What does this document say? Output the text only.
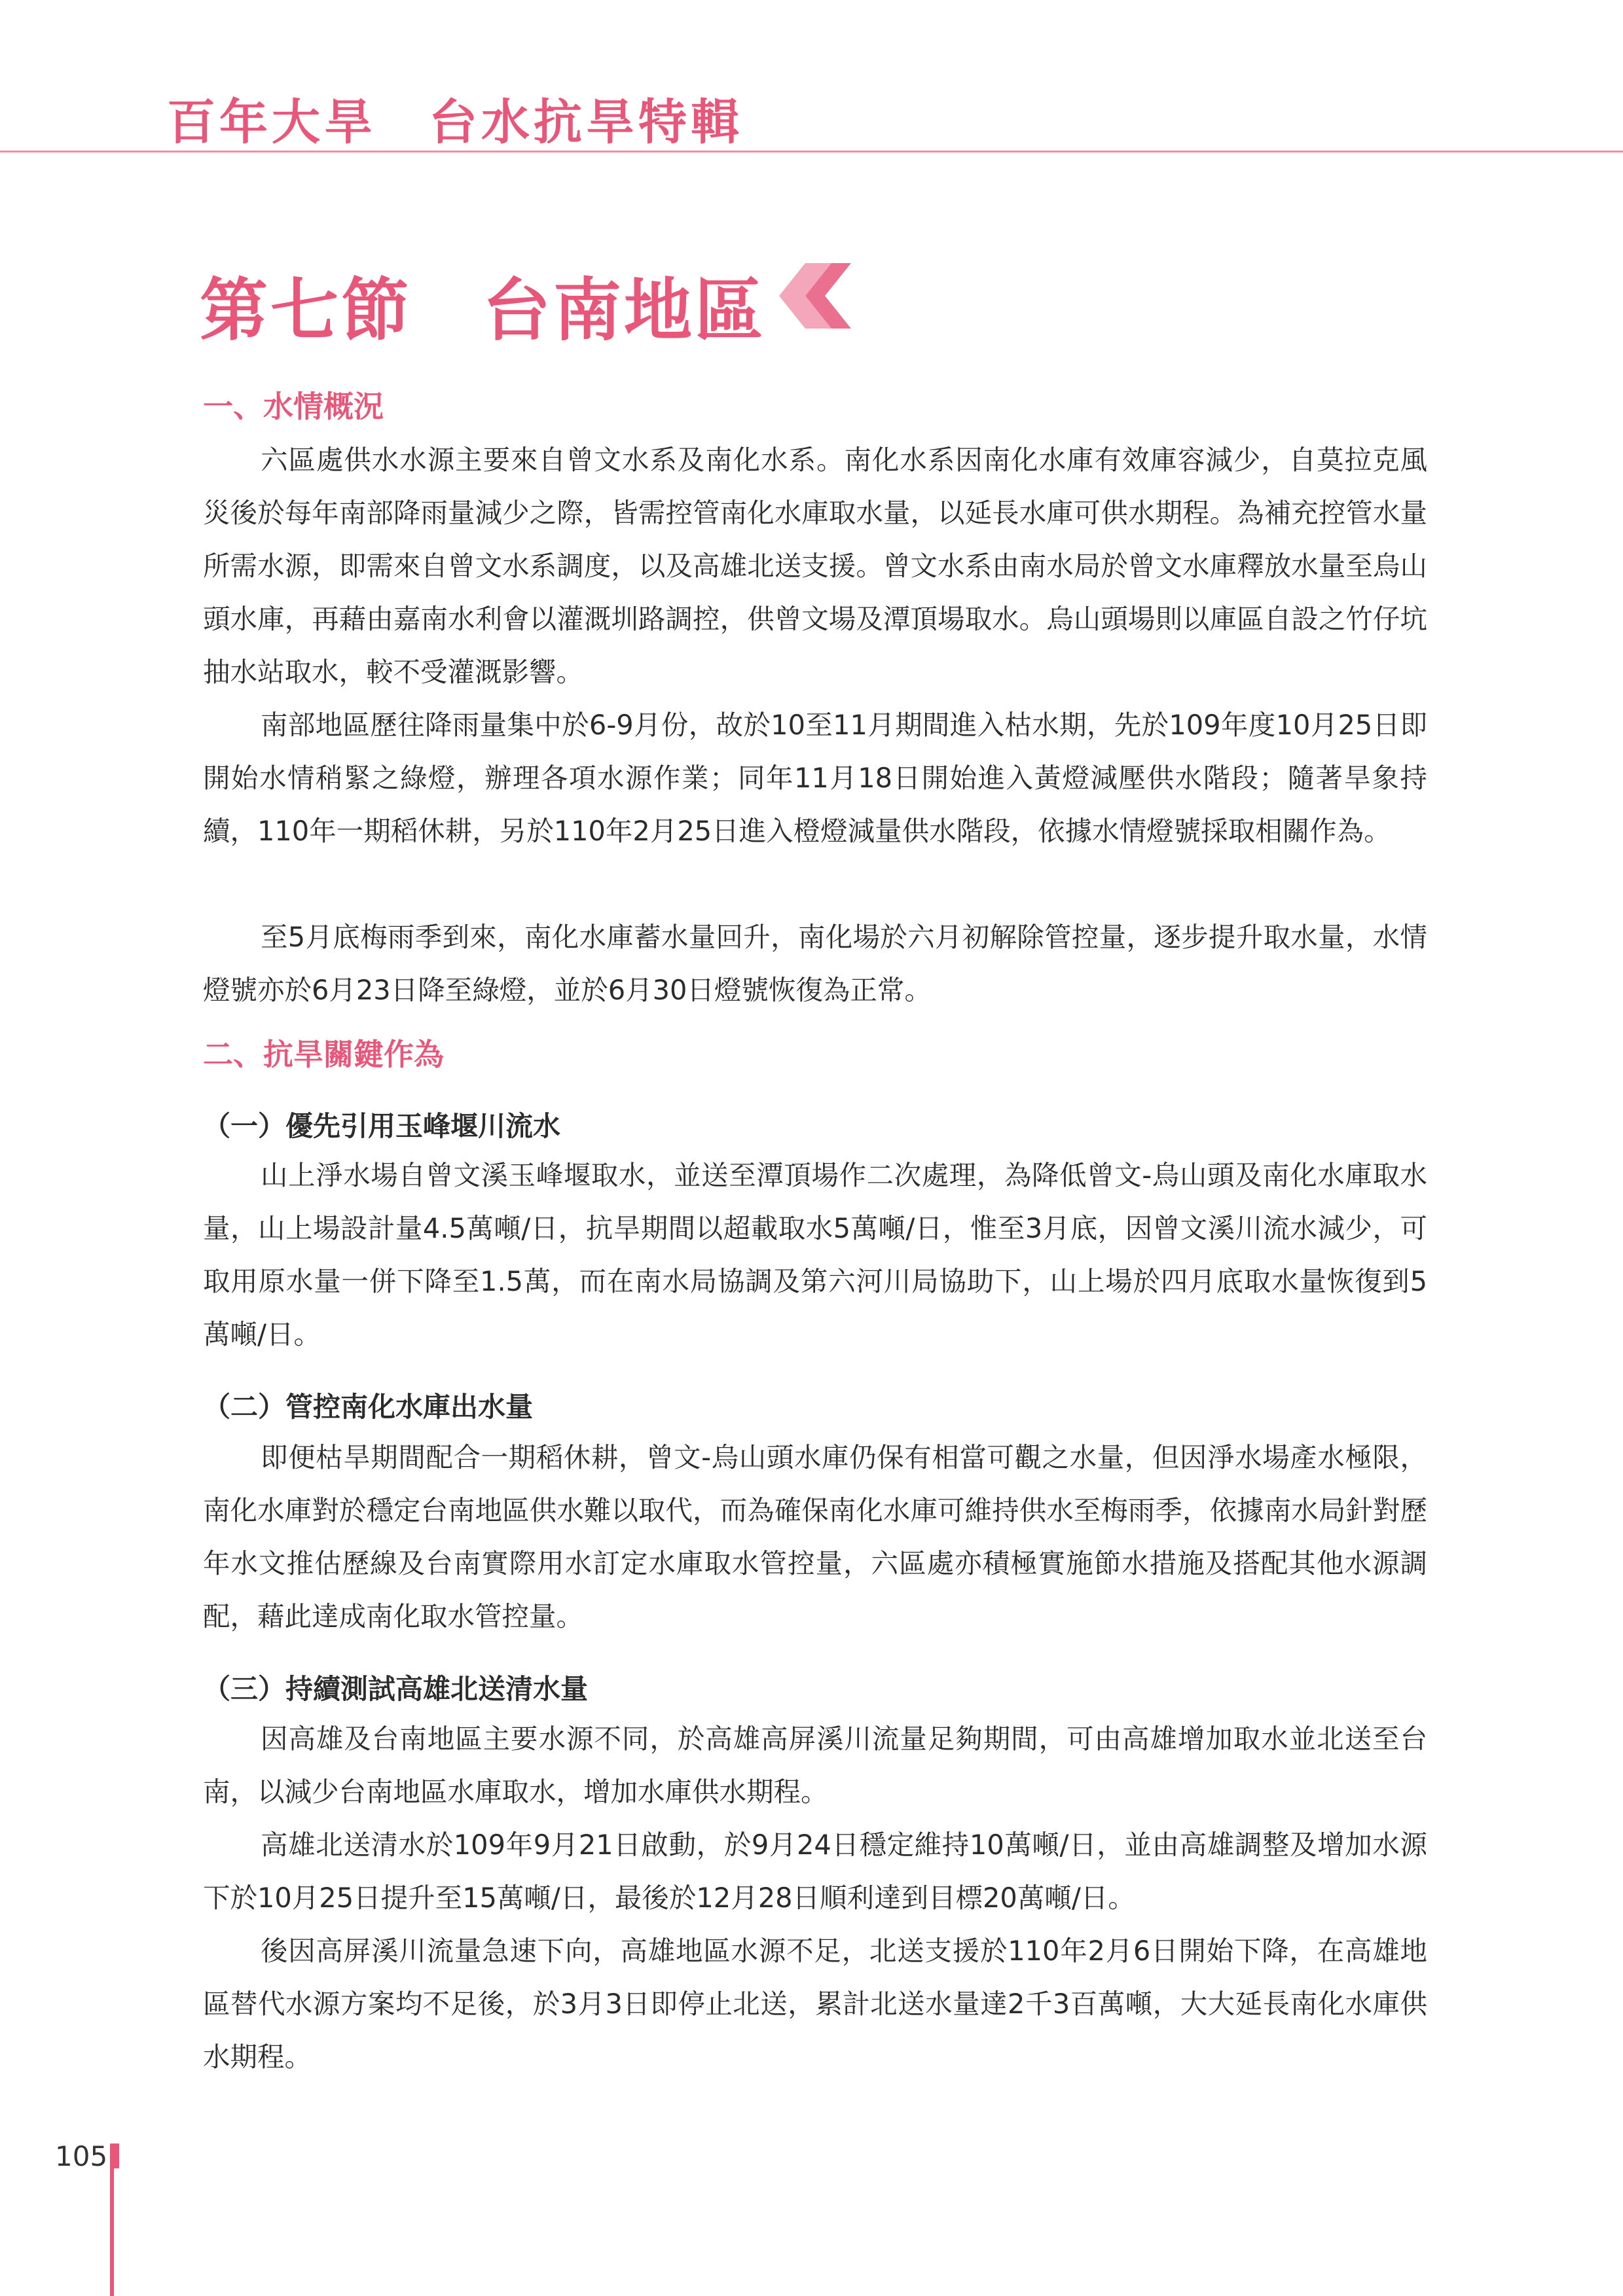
百年大旱　台水抗旱特輯
第七節　台南地區
一、水情概況

六區處供水水源主要來自曾文水系及南化水系。南化水系因南化水庫有效庫容減少，自莫拉克風災後於每年南部降雨量減少之際，皆需控管南化水庫取水量，以延長水庫可供水期程。為補充控管水量所需水源，即需來自曾文水系調度，以及高雄北送支援。曾文水系由南水局於曾文水庫釋放水量至烏山頭水庫，再藉由嘉南水利會以灌溉圳路調控，供曾文場及潭頂場取水。烏山頭場則以庫區自設之竹仔坑抽水站取水，較不受灌溉影響。

南部地區歷往降雨量集中於6-9月份，故於10至11月期間進入枯水期，先於109年度10月25日即開始水情稍緊之綠燈，辦理各項水源作業；同年11月18日開始進入黃燈減壓供水階段；隨著旱象持續，110年一期稻休耕，另於110年2月25日進入橙燈減量供水階段，依據水情燈號採取相關作為。

至5月底梅雨季到來，南化水庫蓄水量回升，南化場於六月初解除管控量，逐步提升取水量，水情燈號亦於6月23日降至綠燈，並於6月30日燈號恢復為正常。

二、抗旱關鍵作為
（一）優先引用玉峰堰川流水

山上淨水場自曾文溪玉峰堰取水，並送至潭頂場作二次處理，為降低曾文-烏山頭及南化水庫取水量，山上場設計量4.5萬噸/日，抗旱期間以超載取水5萬噸/日，惟至3月底，因曾文溪川流水減少，可取用原水量一併下降至1.5萬，而在南水局協調及第六河川局協助下，山上場於四月底取水量恢復到5萬噸/日。

（二）管控南化水庫出水量

即便枯旱期間配合一期稻休耕，曾文-烏山頭水庫仍保有相當可觀之水量，但因淨水場產水極限，南化水庫對於穩定台南地區供水難以取代，而為確保南化水庫可維持供水至梅雨季，依據南水局針對歷年水文推估歷線及台南實際用水訂定水庫取水管控量，六區處亦積極實施節水措施及搭配其他水源調配，藉此達成南化取水管控量。

（三）持續測試高雄北送清水量

因高雄及台南地區主要水源不同，於高雄高屏溪川流量足夠期間，可由高雄增加取水並北送至台南，以減少台南地區水庫取水，增加水庫供水期程。

高雄北送清水於109年9月21日啟動，於9月24日穩定維持10萬噸/日，並由高雄調整及增加水源下於10月25日提升至15萬噸/日，最後於12月28日順利達到目標20萬噸/日。

後因高屏溪川流量急速下向，高雄地區水源不足，北送支援於110年2月6日開始下降，在高雄地區替代水源方案均不足後，於3月3日即停止北送，累計北送水量達2千3百萬噸，大大延長南化水庫供水期程。

105
